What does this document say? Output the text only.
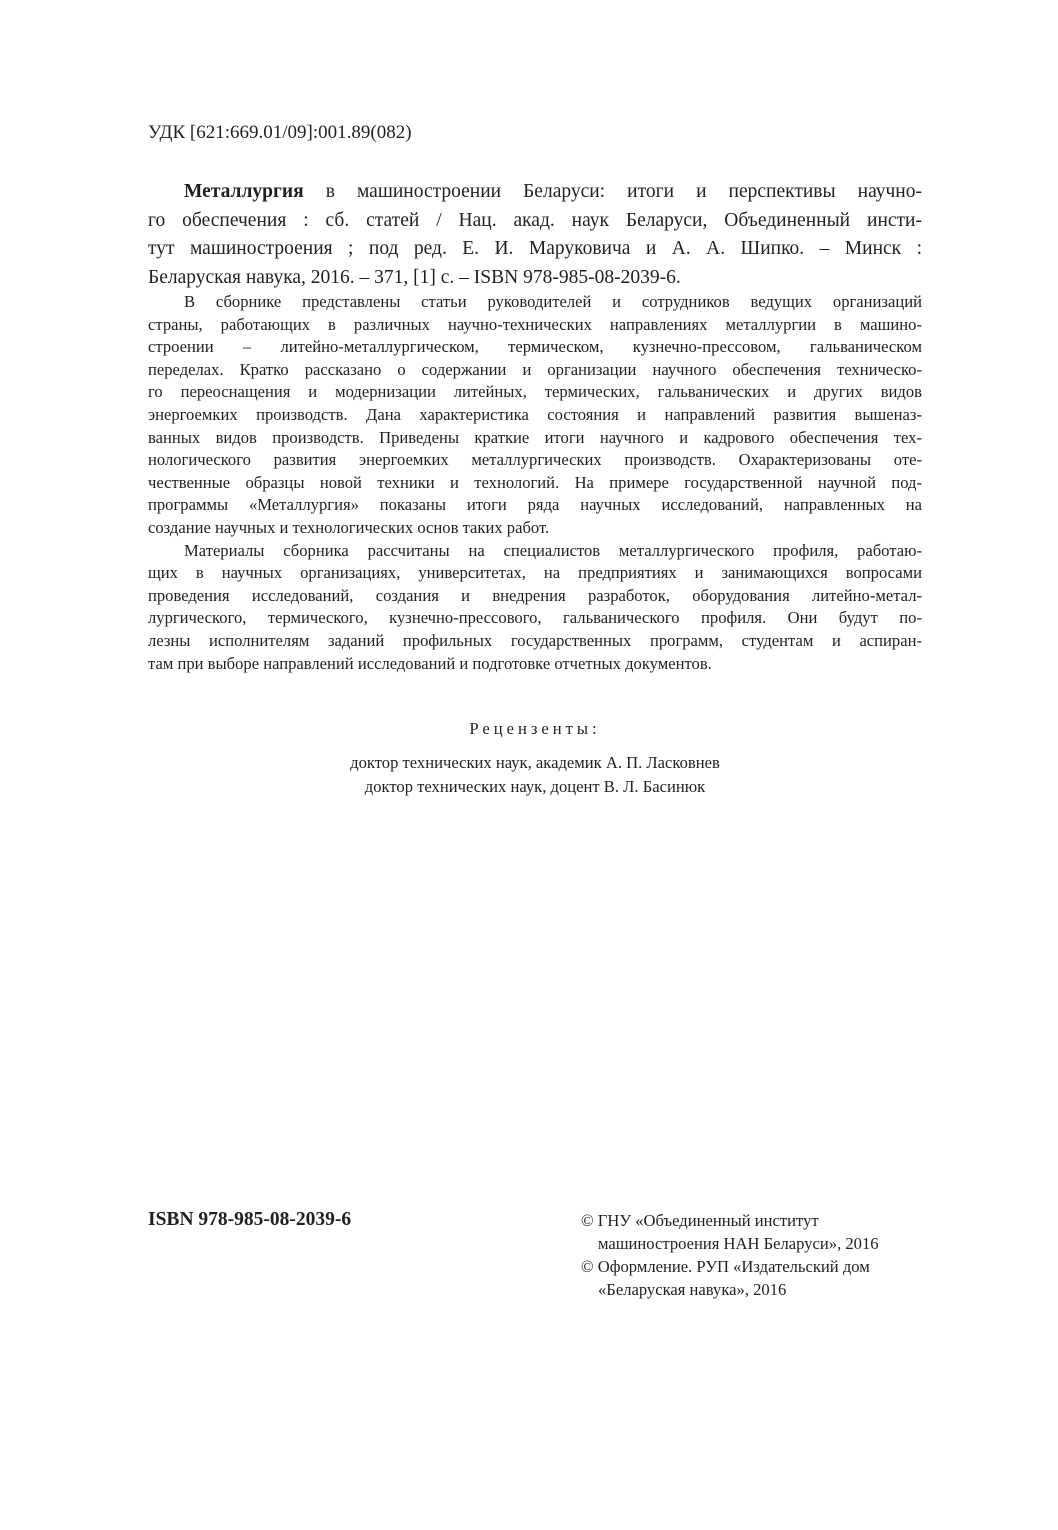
УДК [621:669.01/09]:001.89(082)
Металлургия в машиностроении Беларуси: итоги и перспективы научно-
го обеспечения : сб. статей / Нац. акад. наук Беларуси, Объединенный инсти-
тут машиностроения ; под ред. Е. И. Маруковича и А. А. Шипко. – Минск :
Беларуская навука, 2016. – 371, [1] с. – ISBN 978-985-08-2039-6.
В сборнике представлены статьи руководителей и сотрудников ведущих организаций
страны, работающих в различных научно-технических направлениях металлургии в машино-
строении – литейно-металлургическом, термическом, кузнечно-прессовом, гальваническом
переделах. Кратко рассказано о содержании и организации научного обеспечения техническо-
го переоснащения и модернизации литейных, термических, гальванических и других видов
энергоемких производств. Дана характеристика состояния и направлений развития вышеназ-
ванных видов производств. Приведены краткие итоги научного и кадрового обеспечения тех-
нологического развития энергоемких металлургических производств. Охарактеризованы оте-
чественные образцы новой техники и технологий. На примере государственной научной под-
программы «Металлургия» показаны итоги ряда научных исследований, направленных на
создание научных и технологических основ таких работ.
Материалы сборника рассчитаны на специалистов металлургического профиля, работаю-
щих в научных организациях, университетах, на предприятиях и занимающихся вопросами
проведения исследований, создания и внедрения разработок, оборудования литейно-метал-
лургического, термического, кузнечно-прессового, гальванического профиля. Они будут по-
лезны исполнителям заданий профильных государственных программ, студентам и аспиран-
там при выборе направлений исследований и подготовке отчетных документов.
Рецензенты:
доктор технических наук, академик А. П. Ласковнев
доктор технических наук, доцент В. Л. Басинюк
ISBN 978-985-08-2039-6	© ГНУ «Объединенный институт
машиностроения НАН Беларуси», 2016
© Оформление. РУП «Издательский дом
«Беларуская навука», 2016
